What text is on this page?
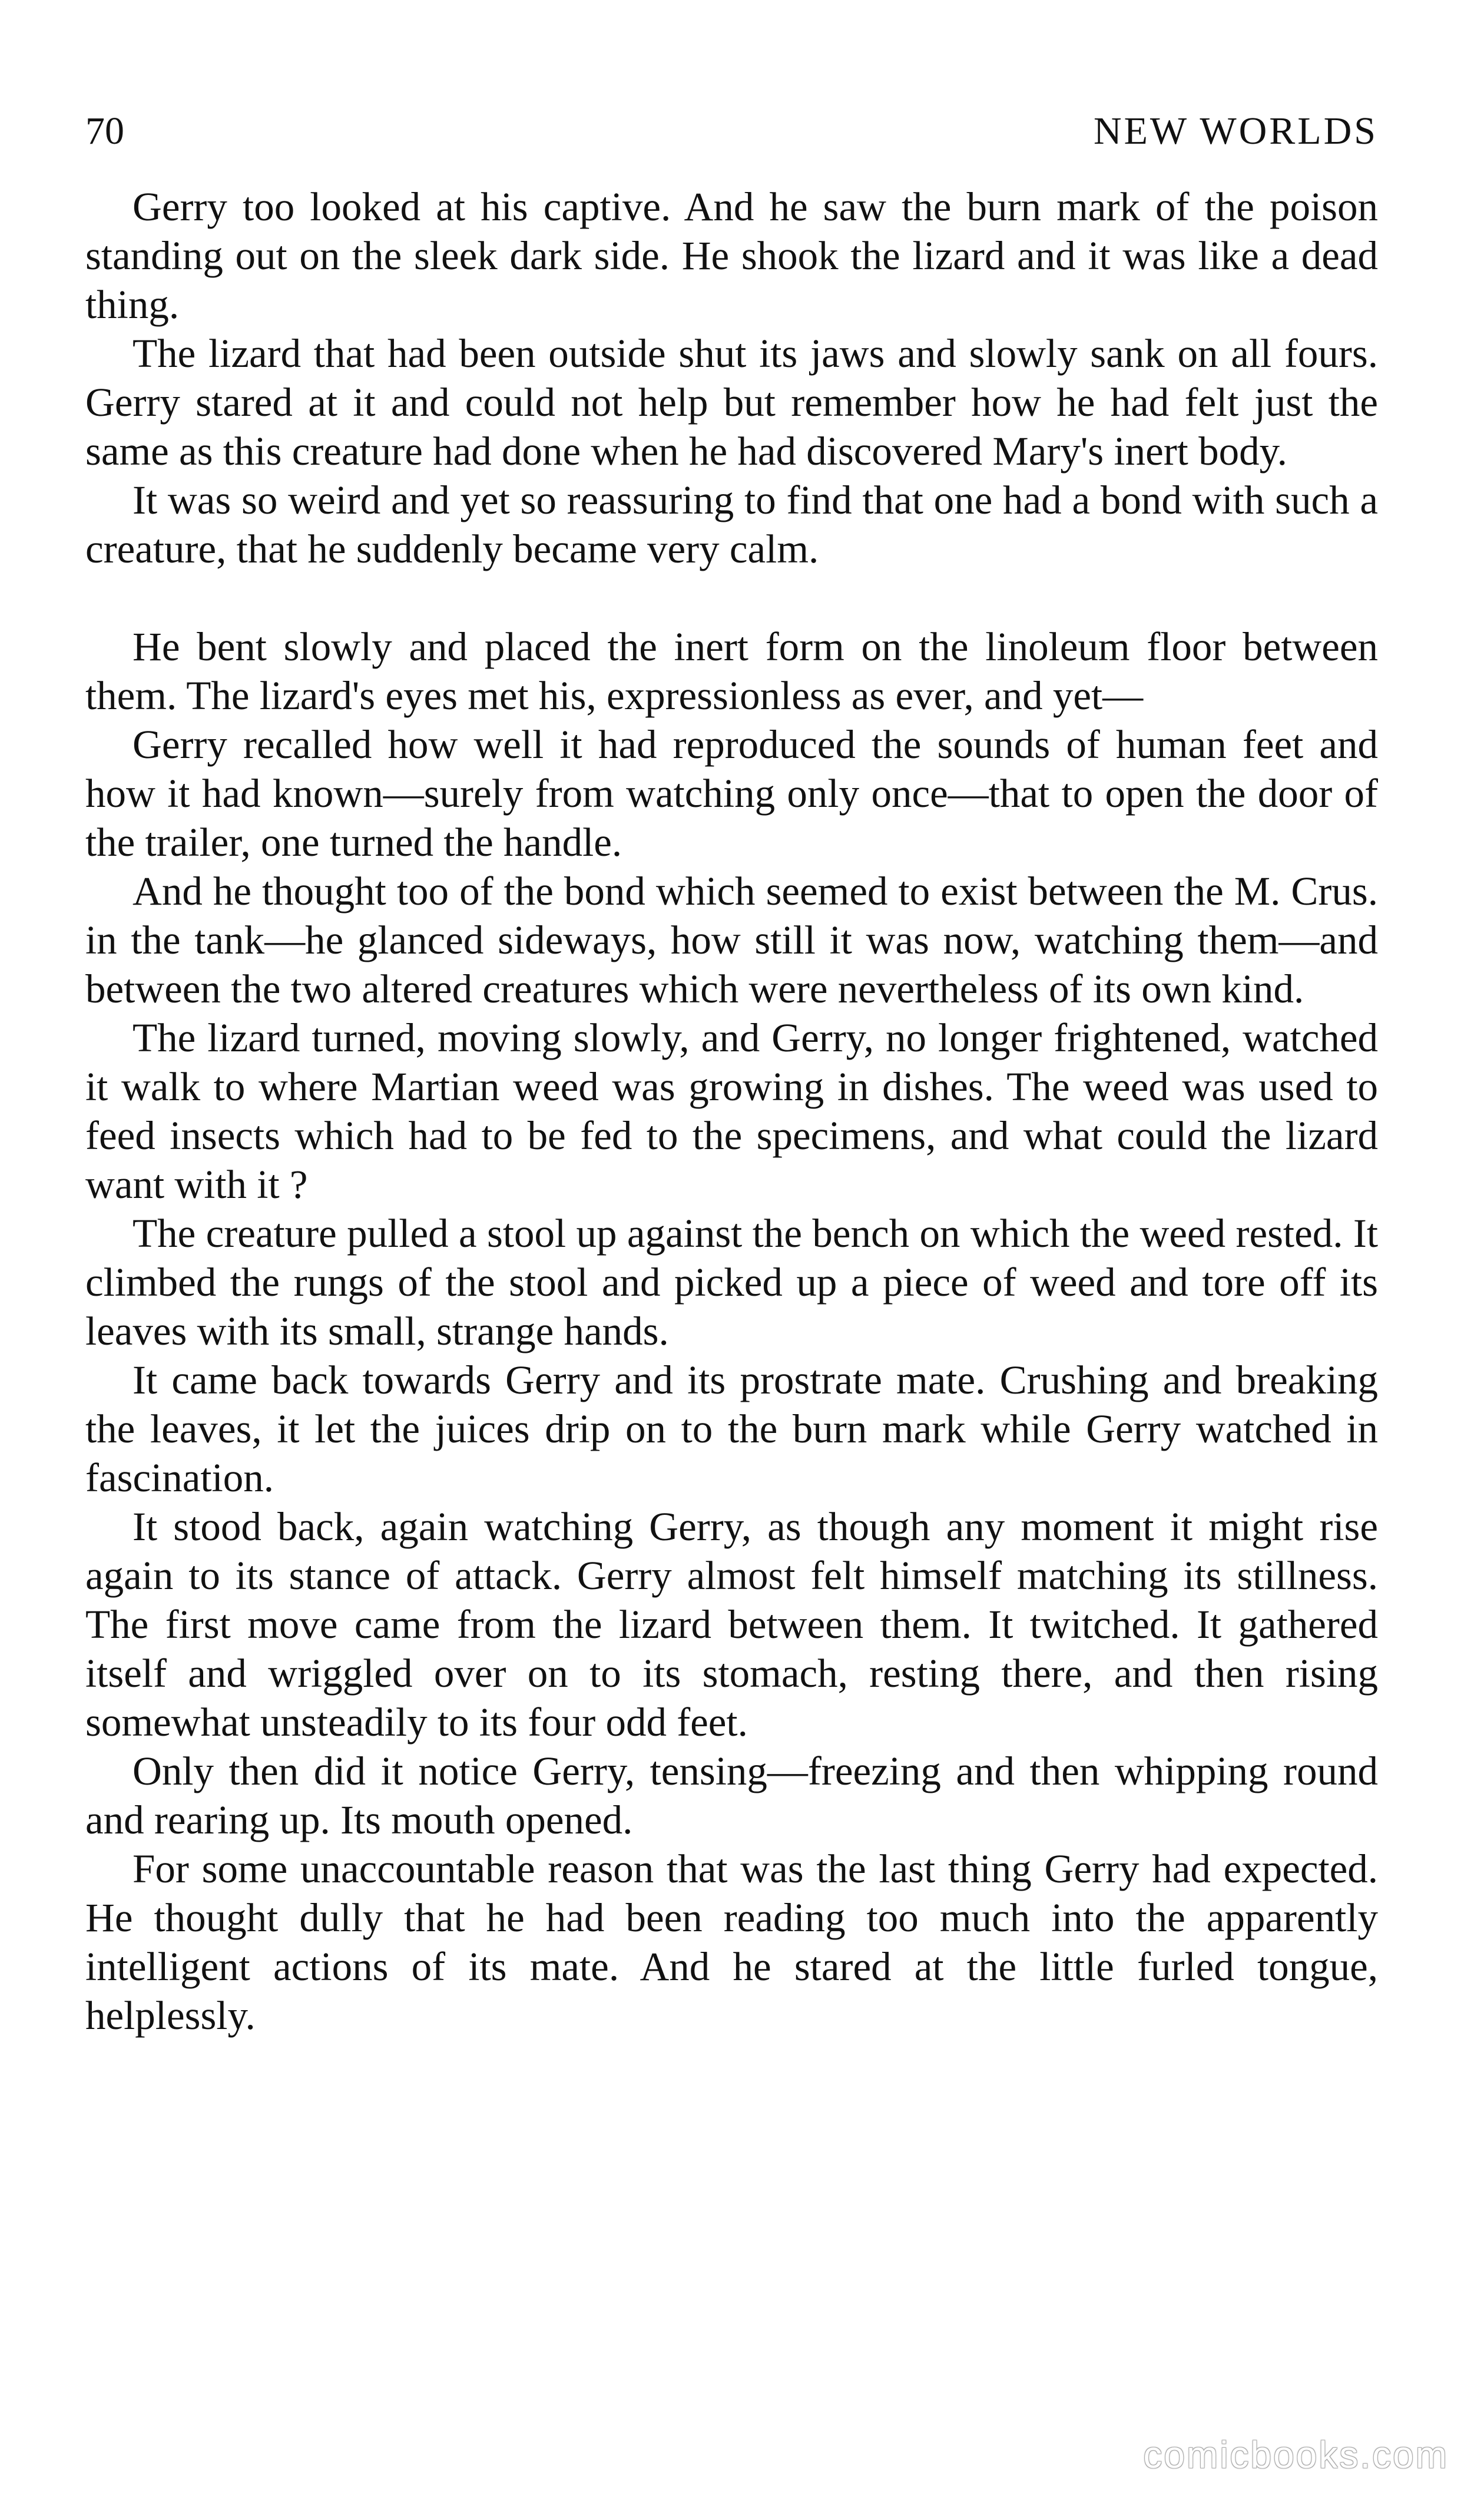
70	NEW WORLDS

Gerry too looked at his captive. And he saw the burn mark of the poison standing out on the sleek dark side. He shook the lizard and it was like a dead thing.

The lizard that had been outside shut its jaws and slowly sank on all fours. Gerry stared at it and could not help but remember how he had felt just the same as this creature had done when he had discovered Mary's inert body.

It was so weird and yet so reassuring to find that one had a bond with such a creature, that he suddenly became very calm.

He bent slowly and placed the inert form on the linoleum floor between them. The lizard's eyes met his, expressionless as ever, and yet—

Gerry recalled how well it had reproduced the sounds of human feet and how it had known—surely from watching only once—that to open the door of the trailer, one turned the handle.

And he thought too of the bond which seemed to exist between the M. Crus. in the tank—he glanced sideways, how still it was now, watching them—and between the two altered creatures which were nevertheless of its own kind.

The lizard turned, moving slowly, and Gerry, no longer frightened, watched it walk to where Martian weed was growing in dishes. The weed was used to feed insects which had to be fed to the specimens, and what could the lizard want with it ?

The creature pulled a stool up against the bench on which the weed rested. It climbed the rungs of the stool and picked up a piece of weed and tore off its leaves with its small, strange hands.

It came back towards Gerry and its prostrate mate. Crushing and breaking the leaves, it let the juices drip on to the burn mark while Gerry watched in fascination.

It stood back, again watching Gerry, as though any moment it might rise again to its stance of attack. Gerry almost felt himself matching its stillness. The first move came from the lizard between them. It twitched. It gathered itself and wriggled over on to its stomach, resting there, and then rising somewhat unsteadily to its four odd feet.

Only then did it notice Gerry, tensing—freezing and then whipping round and rearing up. Its mouth opened.

For some unaccountable reason that was the last thing Gerry had expected. He thought dully that he had been reading too much into the apparently intelligent actions of its mate. And he stared at the little furled tongue, helplessly.

comicbooks.com
